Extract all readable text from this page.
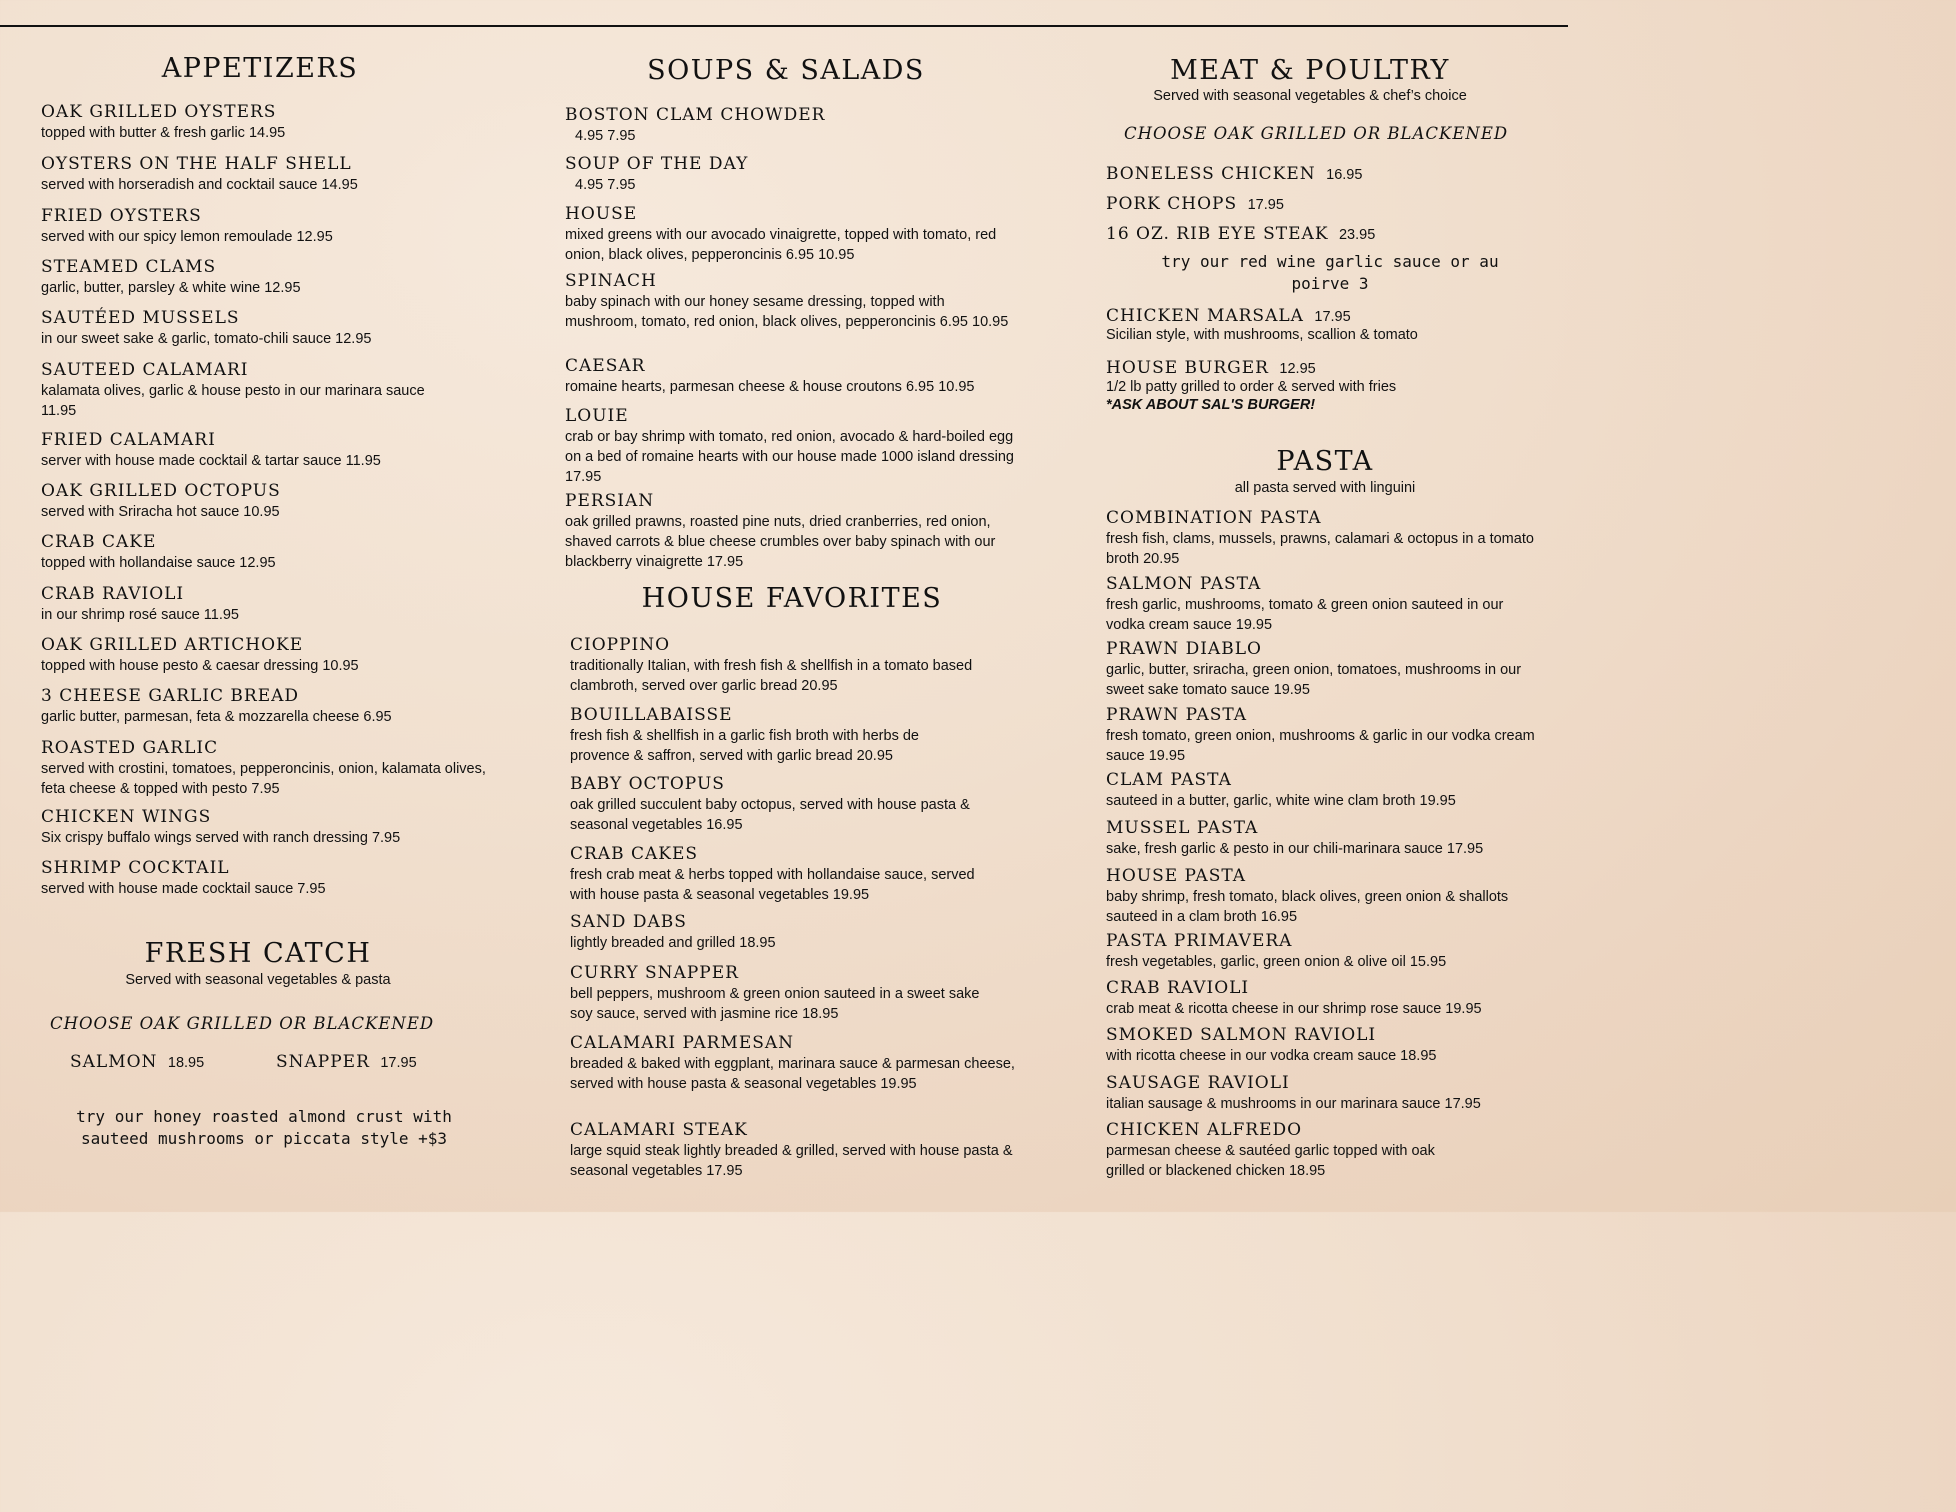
APPETIZERS
OAK GRILLED OYSTERS
topped with butter & fresh garlic 14.95
OYSTERS ON THE HALF SHELL
served with horseradish and cocktail sauce 14.95
FRIED OYSTERS
served with our spicy lemon remoulade 12.95
STEAMED CLAMS
garlic, butter, parsley & white wine 12.95
SAUTÉED MUSSELS
in our sweet sake & garlic, tomato-chili sauce 12.95
SAUTEED CALAMARI
kalamata olives, garlic & house pesto in our marinara sauce 11.95
FRIED CALAMARI
server with house made cocktail & tartar sauce 11.95
OAK GRILLED OCTOPUS
served with Sriracha hot sauce 10.95
CRAB CAKE
topped with hollandaise sauce 12.95
CRAB RAVIOLI
in our shrimp rosé sauce 11.95
OAK GRILLED ARTICHOKE
topped with house pesto & caesar dressing 10.95
3 CHEESE GARLIC BREAD
garlic butter, parmesan, feta & mozzarella cheese 6.95
ROASTED GARLIC
served with crostini, tomatoes, pepperoncinis, onion, kalamata olives, feta cheese & topped with pesto 7.95
CHICKEN WINGS
Six crispy buffalo wings served with ranch dressing 7.95
SHRIMP COCKTAIL
served with house made cocktail sauce 7.95
FRESH CATCH
Served with seasonal vegetables & pasta
CHOOSE OAK GRILLED OR BLACKENED
SALMON 18.95	SNAPPER 17.95
try our honey roasted almond crust with sauteed mushrooms or piccata style +$3
SOUPS & SALADS
BOSTON CLAM CHOWDER
4.95 7.95
SOUP OF THE DAY
4.95 7.95
HOUSE
mixed greens with our avocado vinaigrette, topped with tomato, red onion, black olives, pepperoncinis 6.95 10.95
SPINACH
baby spinach with our honey sesame dressing, topped with mushroom, tomato, red onion, black olives, pepperoncinis 6.95 10.95
CAESAR
romaine hearts, parmesan cheese & house croutons 6.95 10.95
LOUIE
crab or bay shrimp with tomato, red onion, avocado & hard-boiled egg on a bed of romaine hearts with our house made 1000 island dressing 17.95
PERSIAN
oak grilled prawns, roasted pine nuts, dried cranberries, red onion, shaved carrots & blue cheese crumbles over baby spinach with our blackberry vinaigrette 17.95
HOUSE FAVORITES
CIOPPINO
traditionally Italian, with fresh fish & shellfish in a tomato based clambroth, served over garlic bread 20.95
BOUILLABAISSE
fresh fish & shellfish in a garlic fish broth with herbs de provence & saffron, served with garlic bread 20.95
BABY OCTOPUS
oak grilled succulent baby octopus, served with house pasta & seasonal vegetables 16.95
CRAB CAKES
fresh crab meat & herbs topped with hollandaise sauce, served with house pasta & seasonal vegetables 19.95
SAND DABS
lightly breaded and grilled 18.95
CURRY SNAPPER
bell peppers, mushroom & green onion sauteed in a sweet sake soy sauce, served with jasmine rice 18.95
CALAMARI PARMESAN
breaded & baked with eggplant, marinara sauce & parmesan cheese, served with house pasta & seasonal vegetables 19.95
CALAMARI STEAK
large squid steak lightly breaded & grilled, served with house pasta & seasonal vegetables 17.95
MEAT & POULTRY
Served with seasonal vegetables & chef’s choice
CHOOSE OAK GRILLED OR BLACKENED
BONELESS CHICKEN 16.95
PORK CHOPS 17.95
16 OZ. RIB EYE STEAK 23.95
try our red wine garlic sauce or au poirve 3
CHICKEN MARSALA 17.95
Sicilian style, with mushrooms, scallion & tomato
HOUSE BURGER 12.95
1/2 lb patty grilled to order & served with fries
*ASK ABOUT SAL'S BURGER!
PASTA
all pasta served with linguini
COMBINATION PASTA
fresh fish, clams, mussels, prawns, calamari & octopus in a tomato broth 20.95
SALMON PASTA
fresh garlic, mushrooms, tomato & green onion sauteed in our vodka cream sauce 19.95
PRAWN DIABLO
garlic, butter, sriracha, green onion, tomatoes, mushrooms in our sweet sake tomato sauce 19.95
PRAWN PASTA
fresh tomato, green onion, mushrooms & garlic in our vodka cream sauce 19.95
CLAM PASTA
sauteed in a butter, garlic, white wine clam broth 19.95
MUSSEL PASTA
sake, fresh garlic & pesto in our chili-marinara sauce 17.95
HOUSE PASTA
baby shrimp, fresh tomato, black olives, green onion & shallots sauteed in a clam broth 16.95
PASTA PRIMAVERA
fresh vegetables, garlic, green onion & olive oil 15.95
CRAB RAVIOLI
crab meat & ricotta cheese in our shrimp rose sauce 19.95
SMOKED SALMON RAVIOLI
with ricotta cheese in our vodka cream sauce 18.95
SAUSAGE RAVIOLI
italian sausage & mushrooms in our marinara sauce 17.95
CHICKEN ALFREDO
parmesan cheese & sautéed garlic topped with oak grilled or blackened chicken 18.95
